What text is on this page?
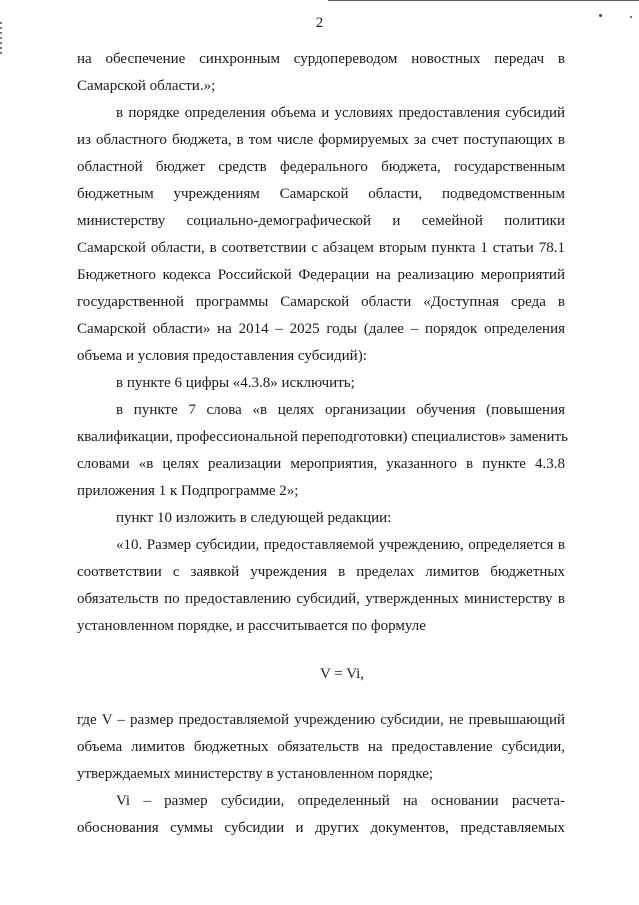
2
на обеспечение синхронным сурдопереводом новостных передач в
Самарской области.»;
в порядке определения объема и условиях предоставления субсидий
из областного бюджета, в том числе формируемых за счет поступающих в
областной бюджет средств федерального бюджета, государственным
бюджетным учреждениям Самарской области, подведомственным
министерству социально-демографической и семейной политики
Самарской области, в соответствии с абзацем вторым пункта 1 статьи 78.1
Бюджетного кодекса Российской Федерации на реализацию мероприятий
государственной программы Самарской области «Доступная среда в
Самарской области» на 2014 – 2025 годы (далее – порядок определения
объема и условия предоставления субсидий):
в пункте 6 цифры «4.3.8» исключить;
в пункте 7 слова «в целях организации обучения (повышения
квалификации, профессиональной переподготовки) специалистов» заменить
словами «в целях реализации мероприятия, указанного в пункте 4.3.8
приложения 1 к Подпрограмме 2»;
пункт 10 изложить в следующей редакции:
«10. Размер субсидии, предоставляемой учреждению, определяется в
соответствии с заявкой учреждения в пределах лимитов бюджетных
обязательств по предоставлению субсидий, утвержденных министерству в
установленном порядке, и рассчитывается по формуле
V = Vi,
где V – размер предоставляемой учреждению субсидии, не превышающий
объема лимитов бюджетных обязательств на предоставление субсидии,
утверждаемых министерству в установленном порядке;
Vi – размер субсидии, определенный на основании расчета-
обоснования суммы субсидии и других документов, представляемых
